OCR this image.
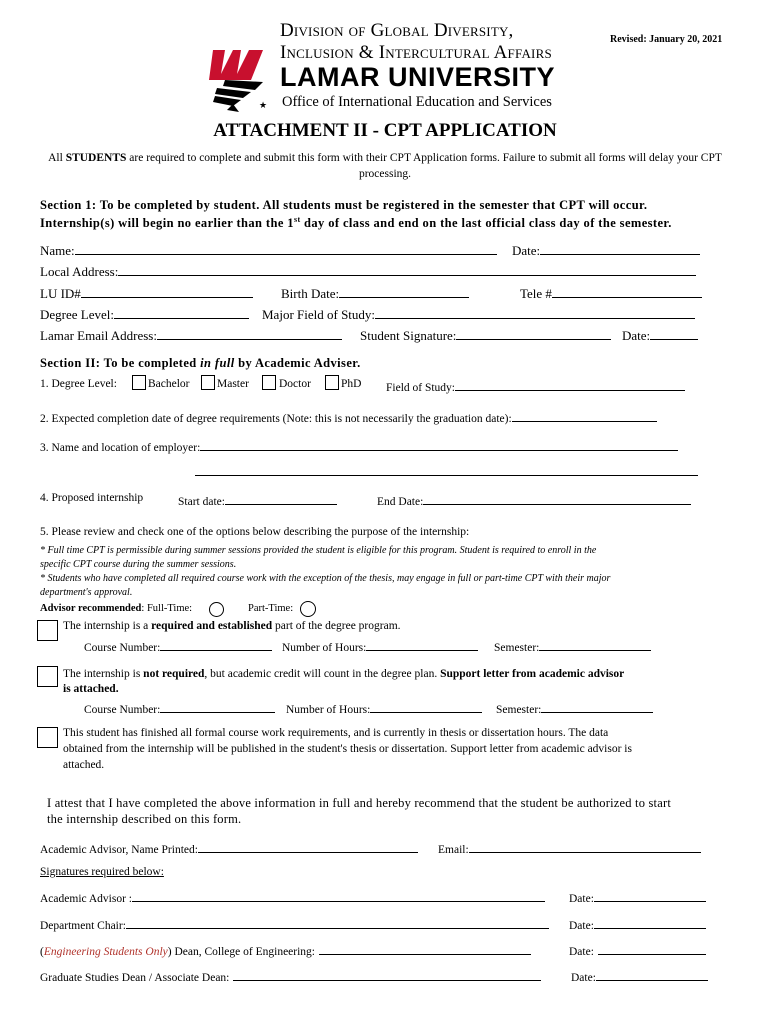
★
Division of Global Diversity,
Inclusion & Intercultural Affairs
LAMAR UNIVERSITY
Office of International Education and Services
Revised: January 20, 2021
ATTACHMENT II - CPT APPLICATION
All STUDENTS are required to complete and submit this form with their CPT Application forms. Failure to submit all forms will delay your CPT processing.
Section 1: To be completed by student. All students must be registered in the semester that CPT will occur.
Internship(s) will begin no earlier than the 1st day of class and end on the last official class day of the semester.
Name:	Date:
Local Address:
LU ID#	Birth Date:	Tele #
Degree Level:	Major Field of Study:
Lamar Email Address:	Student Signature:	Date:
Section II: To be completed in full by Academic Adviser.
1. Degree Level:	Bachelor Master	Doctor	PhD Field of Study:
2. Expected completion date of degree requirements (Note: this is not necessarily the graduation date):
3. Name and location of employer:
4. Proposed internship	Start date:	End Date:
5. Please review and check one of the options below describing the purpose of the internship:
* Full time CPT is permissible during summer sessions provided the student is eligible for this program. Student is required to enroll in the
specific CPT course during the summer sessions.
* Students who have completed all required course work with the exception of the thesis, may engage in full or part-time CPT with their major
department's approval.
Advisor recommended: Full-Time:	Part-Time:
The internship is a required and established part of the degree program.
Course Number:	Number of Hours:	Semester:
The internship is not required, but academic credit will count in the degree plan. Support letter from academic advisor
is attached.
Course Number:	Number of Hours:	Semester:
This student has finished all formal course work requirements, and is currently in thesis or dissertation hours. The data
obtained from the internship will be published in the student's thesis or dissertation. Support letter from academic advisor is
attached.
I attest that I have completed the above information in full and hereby recommend that the student be authorized to start
the internship described on this form.
Academic Advisor, Name Printed:	Email:
Signatures required below:
Academic Advisor :	Date:
Department Chair:	Date:
(Engineering Students Only) Dean, College of Engineering:	Date:
Graduate Studies Dean / Associate Dean:	Date:
